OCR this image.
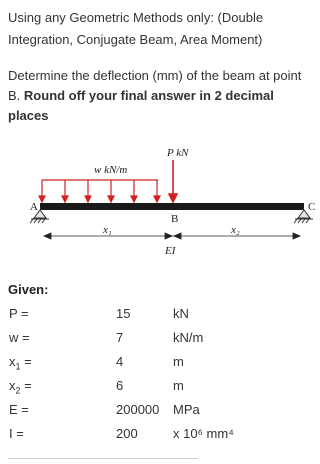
Using any Geometric Methods only: (Double Integration, Conjugate Beam, Area Moment)
Determine the deflection (mm) of the beam at point B. Round off your final answer in 2 decimal places
w kN/m
P kN
A	C
B
x₁	x₂
EI
Given:
P =	15	kN
w =	7	kN/m
$x_1$ =	4	m
$x_2$ =	6	m
E =	200000 MPa
I =	200	x 10⁶ mm⁴
